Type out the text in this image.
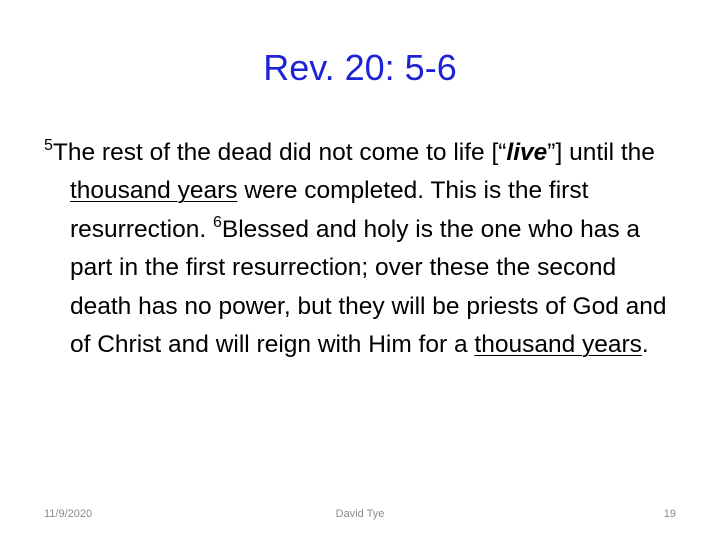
Rev. 20: 5-6

$^5$The rest of the dead did not come to life [“live”] until the thousand years were completed. This is the first resurrection. $^6$Blessed and holy is the one who has a part in the first resurrection; over these the second death has no power, but they will be priests of God and of Christ and will reign with Him for a thousand years.

11/9/2020	David Tye	19
